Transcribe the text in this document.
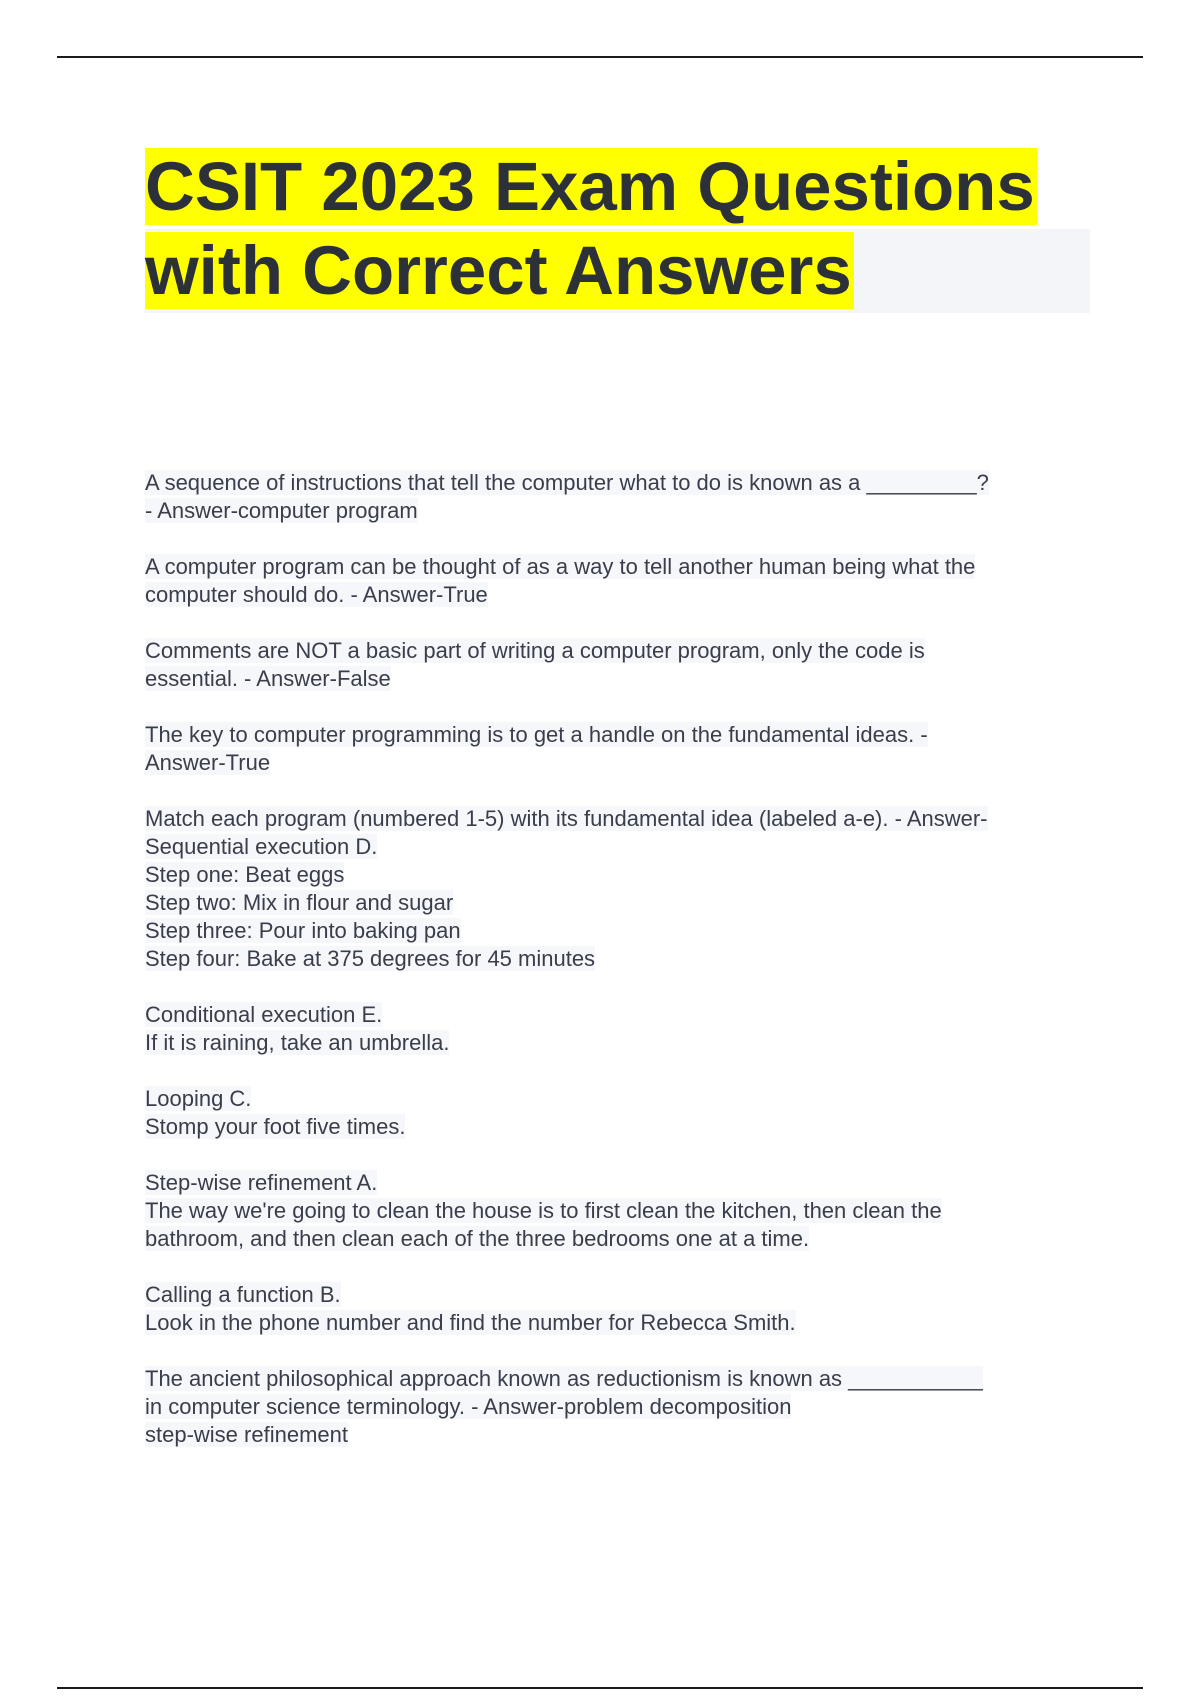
CSIT 2023 Exam Questions
with Correct Answers
A sequence of instructions that tell the computer what to do is known as a _________?
- Answer-computer program
A computer program can be thought of as a way to tell another human being what the
computer should do. - Answer-True
Comments are NOT a basic part of writing a computer program, only the code is
essential. - Answer-False
The key to computer programming is to get a handle on the fundamental ideas. -
Answer-True
Match each program (numbered 1-5) with its fundamental idea (labeled a-e). - Answer-
Sequential execution D.
Step one: Beat eggs
Step two: Mix in flour and sugar
Step three: Pour into baking pan
Step four: Bake at 375 degrees for 45 minutes
Conditional execution E.
If it is raining, take an umbrella.
Looping C.
Stomp your foot five times.
Step-wise refinement A.
The way we're going to clean the house is to first clean the kitchen, then clean the
bathroom, and then clean each of the three bedrooms one at a time.
Calling a function B.
Look in the phone number and find the number for Rebecca Smith.
The ancient philosophical approach known as reductionism is known as ___________
in computer science terminology. - Answer-problem decomposition
step-wise refinement
